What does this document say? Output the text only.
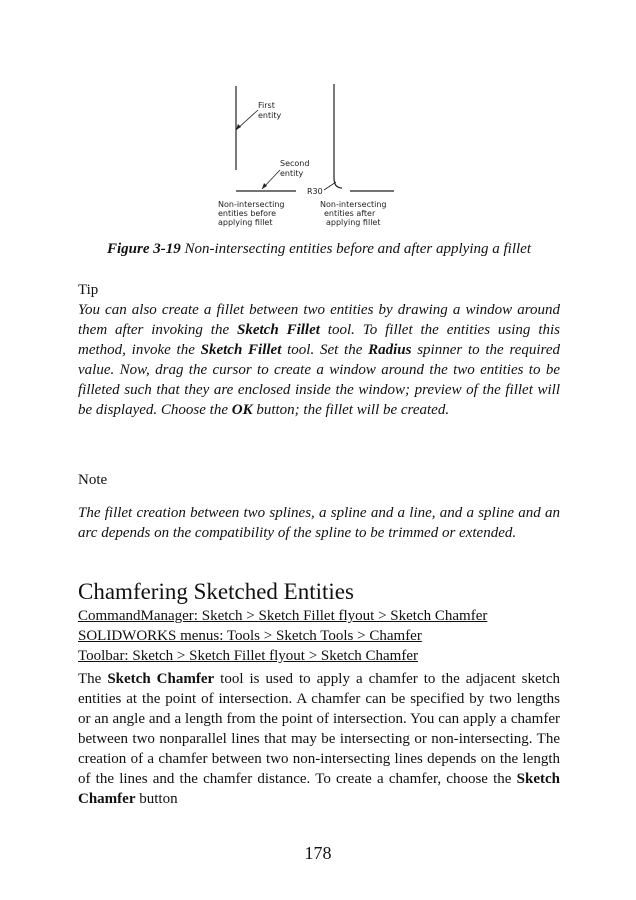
First
entity
Second
entity
Non-intersecting
entities before
applying fillet
R30
Non-intersecting
entities after
applying fillet
Figure 3-19 Non-intersecting entities before and after applying a fillet
Tip
You can also create a fillet between two entities by drawing a window around them after invoking the Sketch Fillet tool. To fillet the entities using this method, invoke the Sketch Fillet tool. Set the Radius spinner to the required value. Now, drag the cursor to create a window around the two entities to be filleted such that they are enclosed inside the window; preview of the fillet will be displayed. Choose the OK button; the fillet will be created.
Note
The fillet creation between two splines, a spline and a line, and a spline and an arc depends on the compatibility of the spline to be trimmed or extended.
Chamfering Sketched Entities
CommandManager: Sketch > Sketch Fillet flyout > Sketch Chamfer
SOLIDWORKS menus: Tools > Sketch Tools > Chamfer
Toolbar: Sketch > Sketch Fillet flyout > Sketch Chamfer
The Sketch Chamfer tool is used to apply a chamfer to the adjacent sketch entities at the point of intersection. A chamfer can be specified by two lengths or an angle and a length from the point of intersection. You can apply a chamfer between two nonparallel lines that may be intersecting or non-intersecting. The creation of a chamfer between two non-intersecting lines depends on the length of the lines and the chamfer distance. To create a chamfer, choose the Sketch Chamfer button
178
